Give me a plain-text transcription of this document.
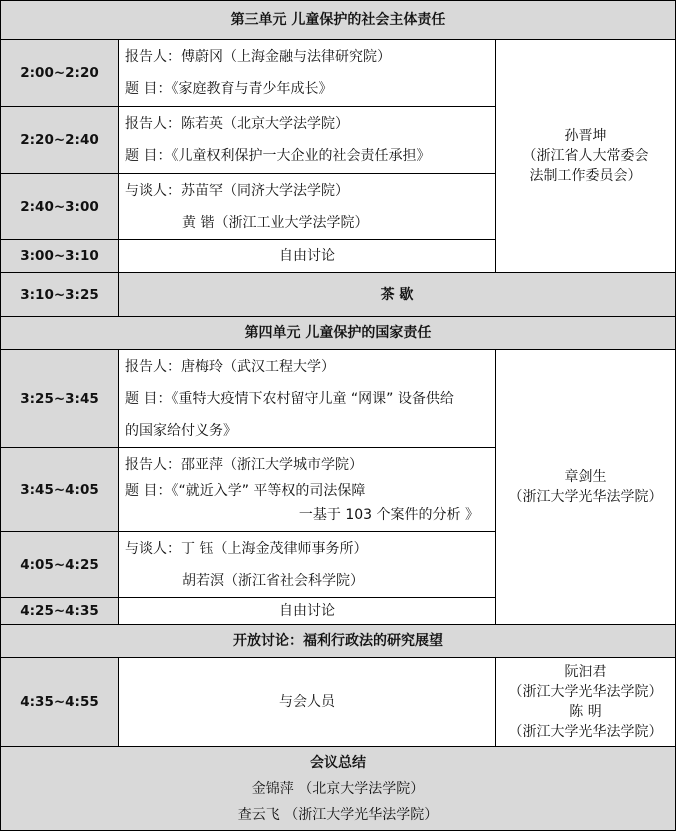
第三单元 儿童保护的社会主体责任		
2:00~2:20	报告人：傅蔚冈（上海金融与法律研究院）
题 目：《家庭教育与青少年成长》	孙晋坤
（浙江省人大常委会
法制工作委员会）

2:20~2:40	报告人：陈若英（北京大学法学院）
题 目：《儿童权利保护一大企业的社会责任承担》	

2:40~3:00	与谈人：苏苗罕（同济大学法学院）
黄 锴（浙江工业大学法学院）	

3:00~3:10	自由讨论	
3:10~3:25	茶 歇	
第四单元 儿童保护的国家责任		
3:25~3:45	报告人：唐梅玲（武汉工程大学）
题 目：《重特大疫情下农村留守儿童 “网课” 设备供给
的国家给付义务》	章剑生
（浙江大学光华法学院）

3:45~4:05	报告人：邵亚萍（浙江大学城市学院）
题 目：《“就近入学” 平等权的司法保障
一基于 103 个案件的分析 》	

4:05~4:25	与谈人：丁 钰（上海金茂律师事务所）
胡若溟（浙江省社会科学院）	

4:25~4:35	自由讨论	
开放讨论：福利行政法的研究展望		
4:35~4:55	与会人员	阮汩君
（浙江大学光华法学院）
陈 明
（浙江大学光华法学院）

会议总结
金锦萍 （北京大学法学院）
查云飞 （浙江大学光华法学院）		
